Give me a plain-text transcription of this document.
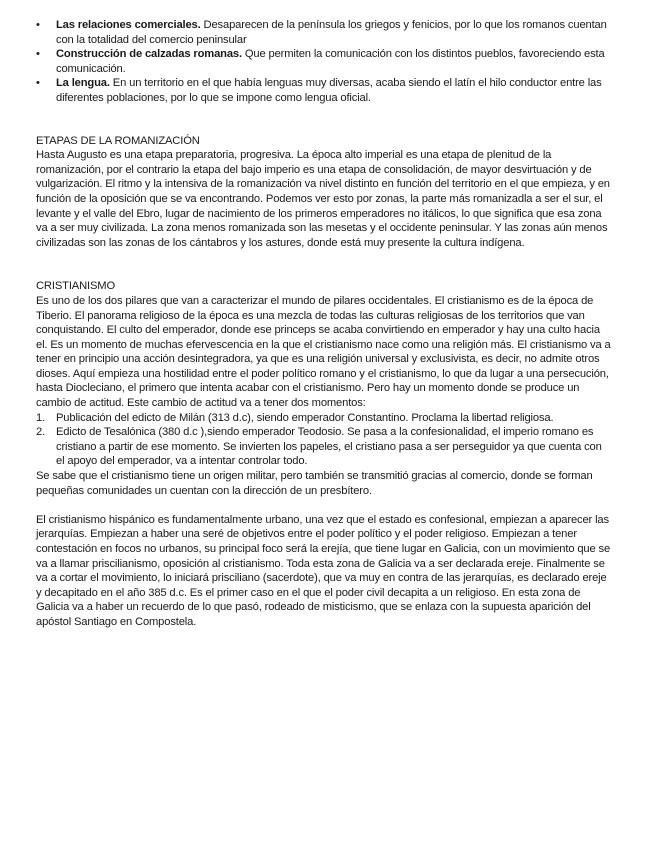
• Las relaciones comerciales. Desaparecen de la península los griegos y fenicios, por lo que los romanos cuentan con la totalidad del comercio peninsular
• Construcción de calzadas romanas. Que permiten la comunicación con los distintos pueblos, favoreciendo esta comunicación.
• La lengua. En un territorio en el que había lenguas muy diversas, acaba siendo el latín el hilo conductor entre las diferentes poblaciones, por lo que se impone como lengua oficial.
ETAPAS DE LA ROMANIZACIÓN

Hasta Augusto es una etapa preparatoria, progresiva. La época alto imperial es una etapa de plenitud de la romanización, por el contrario la etapa del bajo imperio es una etapa de consolidación, de mayor desvirtuación y de vulgarización. El ritmo y la intensiva de la romanización va nivel distinto en función del territorio en el que empieza, y en función de la oposición que se va encontrando. Podemos ver esto por zonas, la parte más romanizadla a ser el sur, el levante y el valle del Ebro, lugar de nacimiento de los primeros emperadores no itálicos, lo que significa que esa zona va a ser muy civilizada. La zona menos romanizada son las mesetas y el occidente peninsular. Y las zonas aún menos civilizadas son las zonas de los cántabros y los astures, donde está muy presente la cultura indígena.

CRISTIANISMO

Es uno de los dos pilares que van a caracterizar el mundo de pilares occidentales. El cristianismo es de la época de Tiberio. El panorama religioso de la época es una mezcla de todas las culturas religiosas de los territorios que van conquistando. El culto del emperador, donde ese princeps se acaba convirtiendo en emperador y hay una culto hacia el. Es un momento de muchas efervescencia en la que el cristianismo nace como una religión más. El cristianismo va a tener en principio una acción desintegradora, ya que es una religión universal y exclusivista, es decir, no admite otros dioses. Aquí empieza una hostilidad entre el poder político romano y el cristianismo, lo que da lugar a una persecución, hasta Diocleciano, el primero que intenta acabar con el cristianismo. Pero hay un momento donde se produce un cambio de actitud. Este cambio de actitud va a tener dos momentos:

1. Publicación del edicto de Milán (313 d.c), siendo emperador Constantino. Proclama la libertad religiosa.
2. Edicto de Tesalónica (380 d.c ),siendo emperador Teodosio. Se pasa a la confesionalidad, el imperio romano es cristiano a partir de ese momento. Se invierten los papeles, el cristiano pasa a ser perseguidor ya que cuenta con el apoyo del emperador, va a intentar controlar todo.

Se sabe que el cristianismo tiene un origen militar, pero también se transmitió gracias al comercio, donde se forman pequeñas comunidades un cuentan con la dirección de un presbítero.

El cristianismo hispánico es fundamentalmente urbano, una vez que el estado es confesional, empiezan a aparecer las jerarquías. Empiezan a haber una seré de objetivos entre el poder político y el poder religioso. Empiezan a tener contestación en focos no urbanos, su principal foco será la erejía, que tiene lugar en Galicia, con un movimiento que se va a llamar priscilianismo, oposición al cristianismo. Toda esta zona de Galicia va a ser declarada ereje. Finalmente se va a cortar el movimiento, lo iniciará prisciliano (sacerdote), que va muy en contra de las jerarquías, es declarado ereje y decapitado en el año 385 d.c. Es el primer caso en el que el poder civil decapita a un religioso. En esta zona de Galicia va a haber un recuerdo de lo que pasó, rodeado de misticismo, que se enlaza con la supuesta aparición del apóstol Santiago en Compostela.
